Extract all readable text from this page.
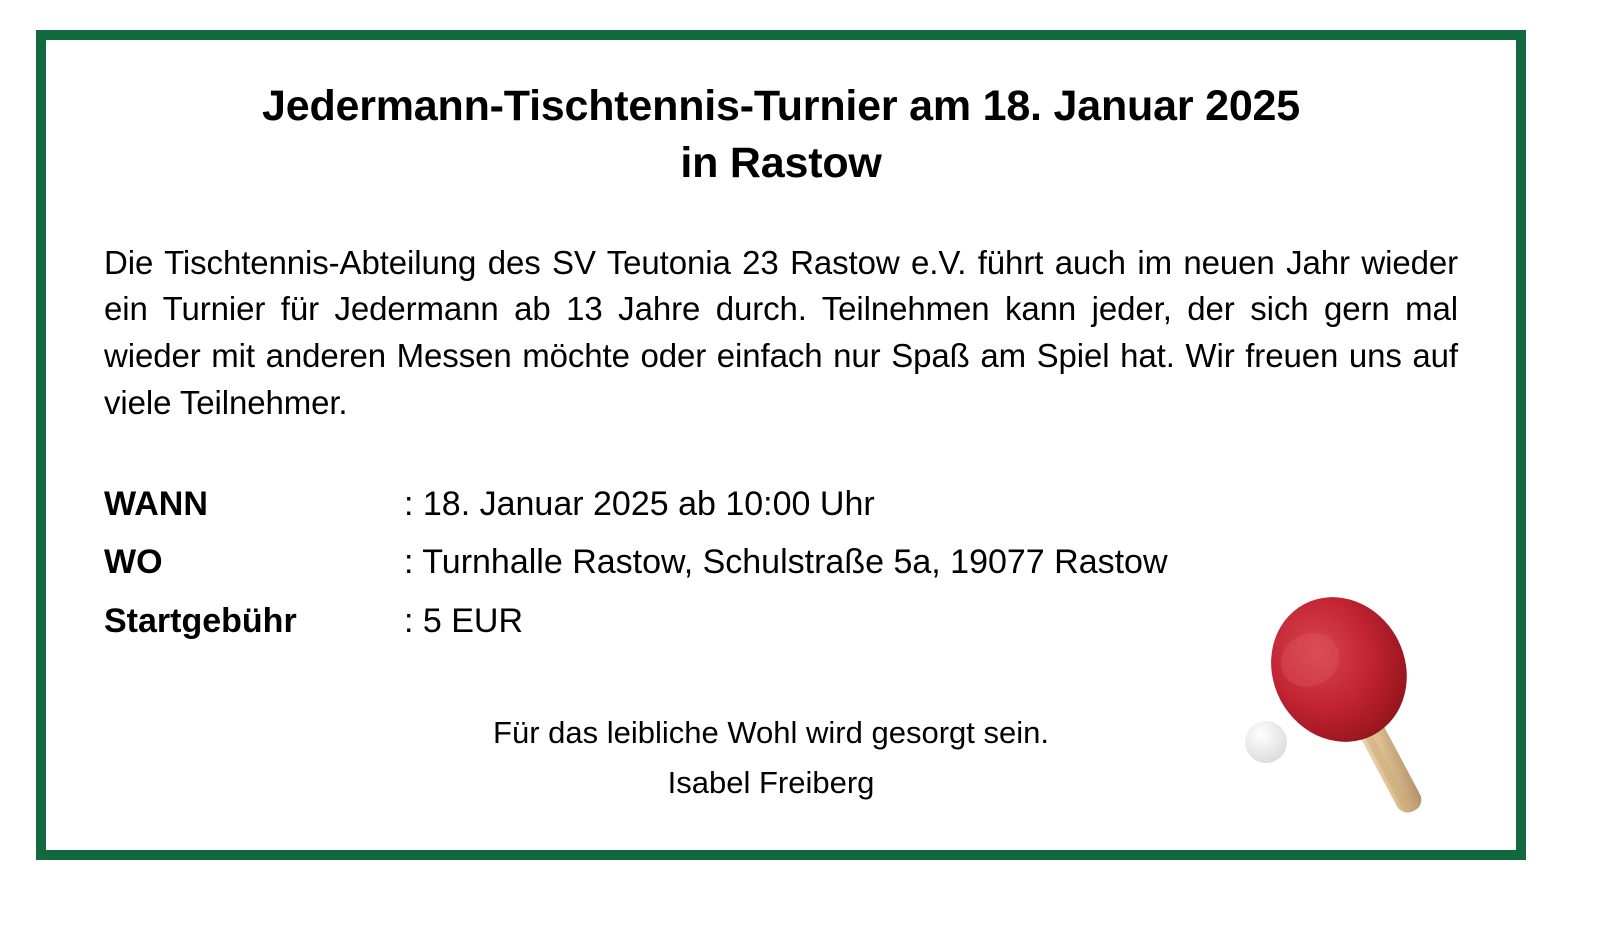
Jedermann-Tischtennis-Turnier am 18. Januar 2025
in Rastow

Die Tischtennis-Abteilung des SV Teutonia 23 Rastow e.V. führt auch im neuen Jahr wieder ein Turnier für Jedermann ab 13 Jahre durch. Teilnehmen kann jeder, der sich gern mal wieder mit anderen Messen möchte oder einfach nur Spaß am Spiel hat. Wir freuen uns auf viele Teilnehmer.

WANN	: 18. Januar 2025 ab 10:00 Uhr
WO	: Turnhalle Rastow, Schulstraße 5a, 19077 Rastow
Startgebühr	: 5 EUR
Für das leibliche Wohl wird gesorgt sein.
Isabel Freiberg
